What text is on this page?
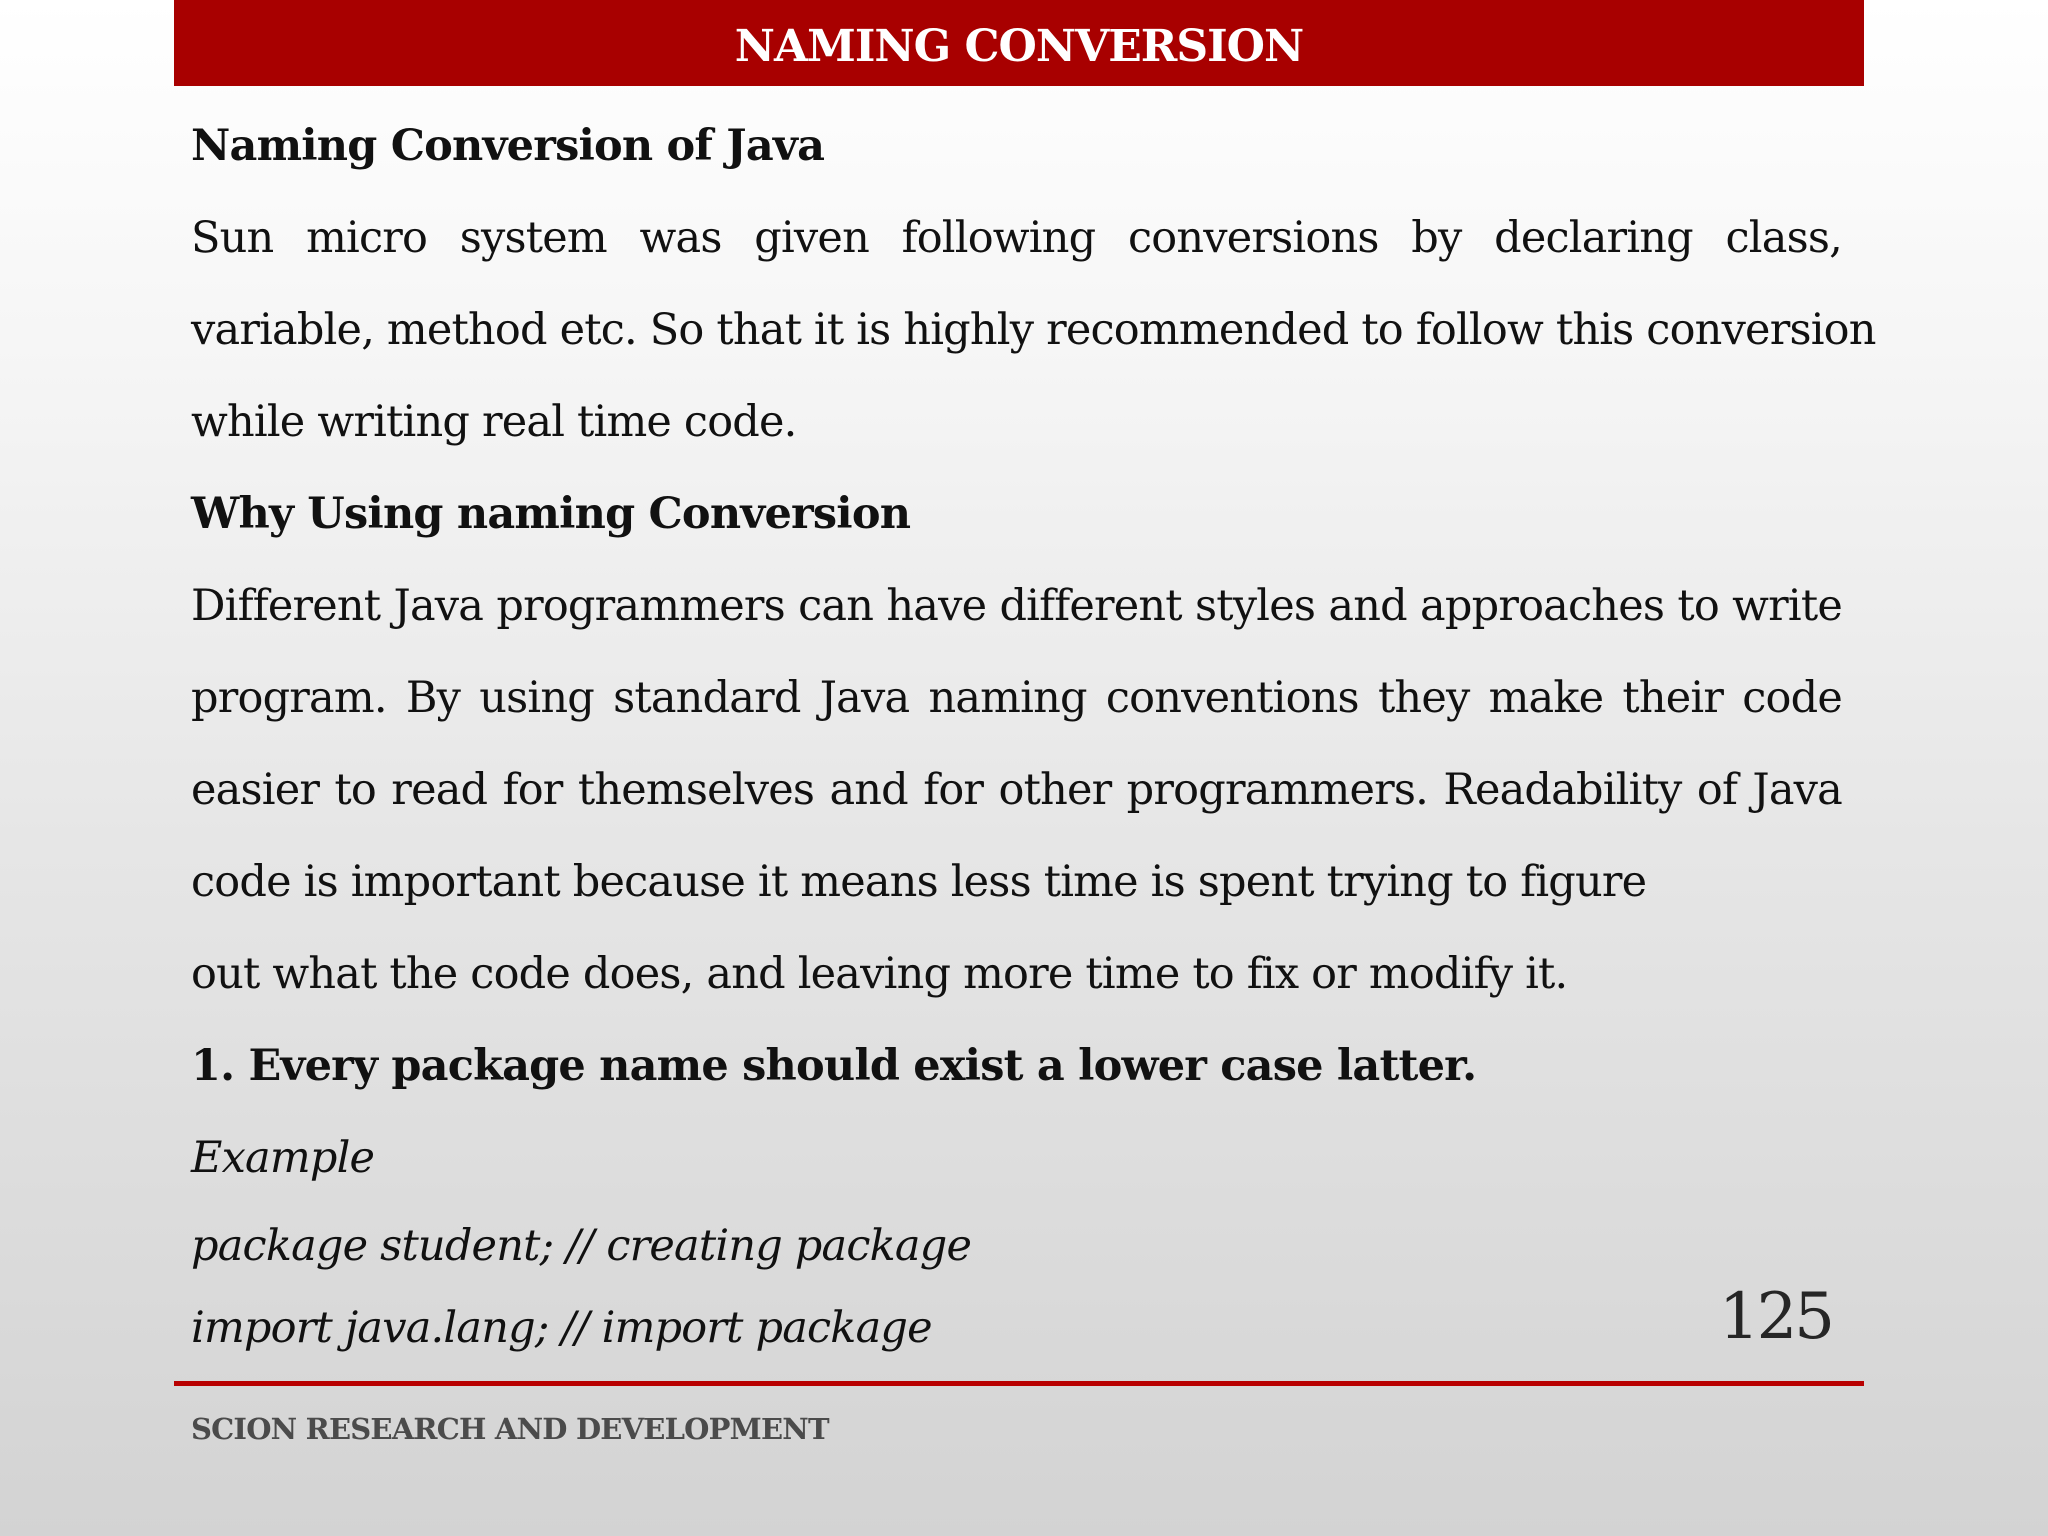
NAMING CONVERSION
Naming Conversion of Java
Sun micro system was given following conversions by declaring class,
variable, method etc. So that it is highly recommended to follow this conversion
while writing real time code.
Why Using naming Conversion
Different Java programmers can have different styles and approaches to write
program. By using standard Java naming conventions they make their code
easier to read for themselves and for other programmers. Readability of Java
code is important because it means less time is spent trying to figure
out what the code does, and leaving more time to fix or modify it.
1. Every package name should exist a lower case latter.
Example
package student; // creating package
import java.lang; // import package	125
SCION RESEARCH AND DEVELOPMENT
